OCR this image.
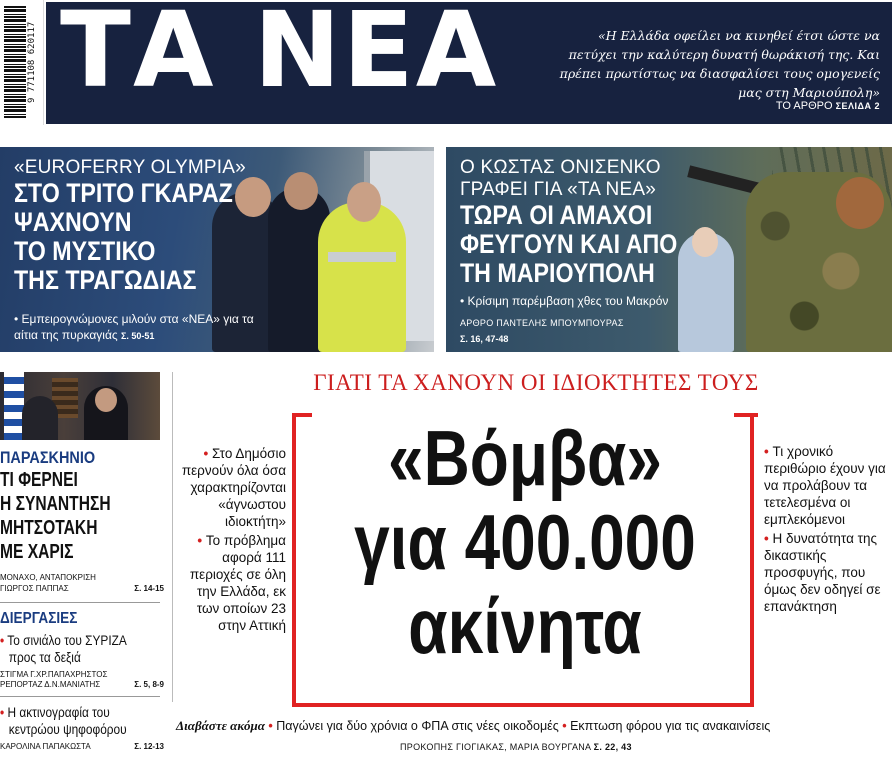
9 771108 620117 ΤΑ ΝΕΑ	«Η Ελλάδα οφείλει να κινηθεί έτσι ώστε να πετύχει την καλύτερη δυνατή θωράκισή της. Και πρέπει πρωτίστως να διασφαλίσει τους ομογενείς μας στη Μαριούπολη»
ΤΟ ΑΡΘΡΟ ΣΕΛΙΔΑ 2
«EUROFERRY OLYMPIA»
ΣΤΟ ΤΡΙΤΟ ΓΚΑΡΑΖ
ΨΑΧΝΟΥΝ
ΤΟ ΜΥΣΤΙΚΟ
ΤΗΣ ΤΡΑΓΩΔΙΑΣ
• Εμπειρογνώμονες μιλούν στα «ΝΕΑ» για τα αίτια της πυρκαγιάς Σ. 50-51
Ο ΚΩΣΤΑΣ ΟΝΙΣΕΝΚΟ
ΓΡΑΦΕΙ ΓΙΑ «ΤΑ ΝΕΑ»
ΤΩΡΑ ΟΙ ΑΜΑΧΟΙ
ΦΕΥΓΟΥΝ ΚΑΙ ΑΠΟ
ΤΗ ΜΑΡΙΟΥΠΟΛΗ
• Κρίσιμη παρέμβαση χθες του Μακρόν
ΑΡΘΡΟ ΠΑΝΤΕΛΗΣ ΜΠΟΥΜΠΟΥΡΑΣ
Σ. 16, 47-48
ΠΑΡΑΣΚΗΝΙΟ
ΤΙ ΦΕΡΝΕΙ
Η ΣΥΝΑΝΤΗΣΗ
ΜΗΤΣΟΤΑΚΗ
ΜΕ ΧΑΡΙΣ
ΜΟΝΑΧΟ, ΑΝΤΑΠΟΚΡΙΣΗ
ΓΙΩΡΓΟΣ ΠΑΠΠΑΣ	Σ. 14-15
ΔΙΕΡΓΑΣΙΕΣ
• Το σινιάλο του ΣΥΡΙΖΑ
προς τα δεξιά
ΣΤΙΓΜΑ Γ.ΧΡ.ΠΑΠΑΧΡΗΣΤΟΣ
ΡΕΠΟΡΤΑΖ Δ.Ν.ΜΑΝΙΑΤΗΣ	Σ. 5, 8-9
• Η ακτινογραφία του
κεντρώου ψηφοφόρου
ΚΑΡΟΛΙΝΑ ΠΑΠΑΚΩΣΤΑ	Σ. 12-13
ΓΙΑΤΙ ΤΑ ΧΑΝΟΥΝ ΟΙ ΙΔΙΟΚΤΗΤΕΣ ΤΟΥΣ
«Βόμβα»
για 400.000
ακίνητα

• Στο Δημόσιο περνούν όλα όσα χαρακτηρίζονται «άγνωστου ιδιοκτήτη»

• Το πρόβλημα αφορά 111 περιοχές σε όλη την Ελλάδα, εκ των οποίων 23 στην Αττική

• Τι χρονικό περιθώριο έχουν για να προλάβουν τα τετελεσμένα οι εμπλεκόμενοι

• Η δυνατότητα της δικαστικής προσφυγής, που όμως δεν οδηγεί σε επανάκτηση

Διαβάστε ακόμα • Παγώνει για δύο χρόνια ο ΦΠΑ στις νέες οικοδομές • Εκπτωση φόρου για τις ανακαινίσεις
ΠΡΟΚΟΠΗΣ ΓΙΟΓΙΑΚΑΣ, ΜΑΡΙΑ ΒΟΥΡΓΑΝΑ Σ. 22, 43
